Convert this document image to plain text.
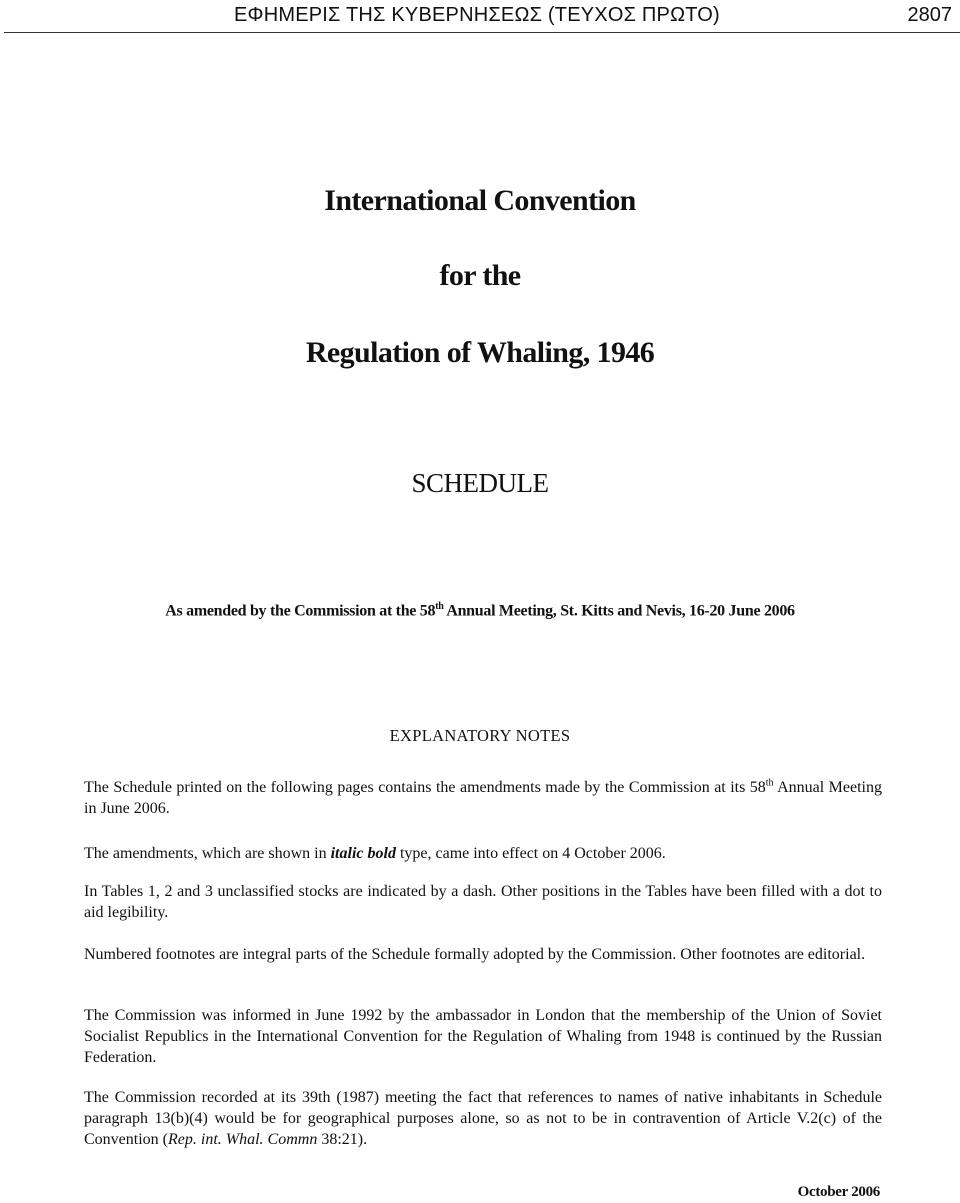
ΕΦΗΜΕΡΙΣ ΤΗΣ ΚΥΒΕΡΝΗΣΕΩΣ (ΤΕΥΧΟΣ ΠΡΩΤΟ)	2807
International Convention
for the
Regulation of Whaling, 1946
SCHEDULE
As amended by the Commission at the 58th Annual Meeting, St. Kitts and Nevis, 16-20 June 2006
EXPLANATORY NOTES
The Schedule printed on the following pages contains the amendments made by the Commission at its 58th Annual Meeting in June 2006.
The amendments, which are shown in italic bold type, came into effect on 4 October 2006.
In Tables 1, 2 and 3 unclassified stocks are indicated by a dash. Other positions in the Tables have been filled with a dot to aid legibility.
Numbered footnotes are integral parts of the Schedule formally adopted by the Commission. Other footnotes are editorial.
The Commission was informed in June 1992 by the ambassador in London that the membership of the Union of Soviet Socialist Republics in the International Convention for the Regulation of Whaling from 1948 is continued by the Russian Federation.
The Commission recorded at its 39th (1987) meeting the fact that references to names of native inhabitants in Schedule paragraph 13(b)(4) would be for geographical purposes alone, so as not to be in contravention of Article V.2(c) of the Convention (Rep. int. Whal. Commn 38:21).
October 2006
